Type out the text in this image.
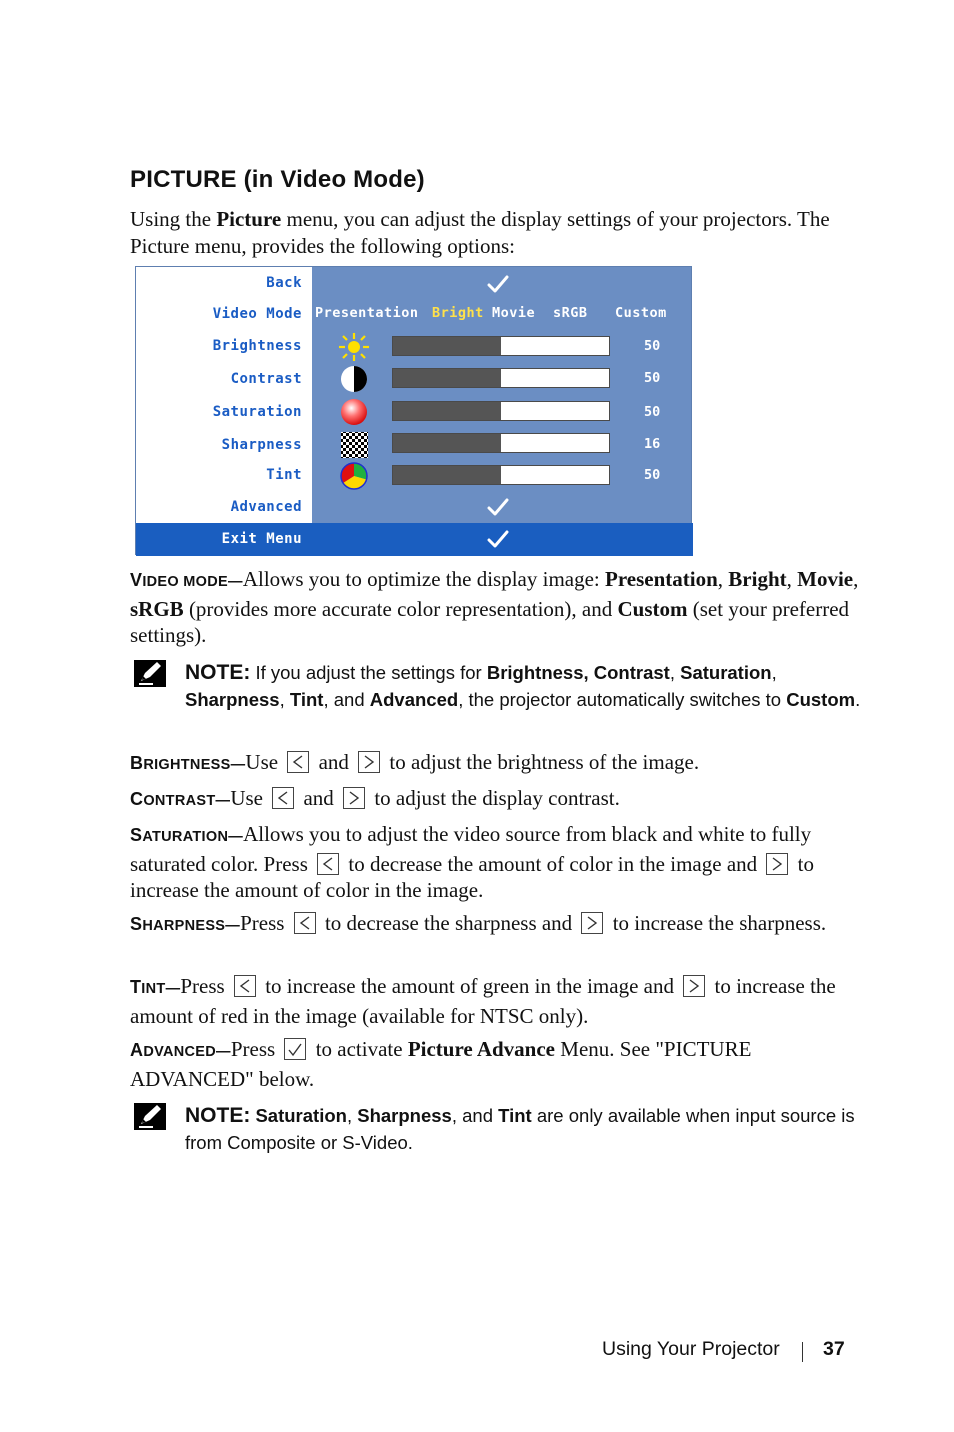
PICTURE (in Video Mode)
Using the Picture menu, you can adjust the display settings of your projectors. The Picture menu, provides the following options:
Back
Video Mode
Brightness
Contrast
Saturation
Sharpness
Tint
Advanced
Exit Menu
Presentation Bright Movie sRGB Custom
50
50
50
16
50
VIDEO MODE—Allows you to optimize the display image: Presentation, Bright, Movie, sRGB (provides more accurate color representation), and Custom (set your preferred settings).
NOTE: If you adjust the settings for Brightness, Contrast, Saturation, Sharpness, Tint, and Advanced, the projector automatically switches to Custom.
BRIGHTNESS—Use and to adjust the brightness of the image.
CONTRAST—Use and to adjust the display contrast.
SATURATION—Allows you to adjust the video source from black and white to fully saturated color. Press to decrease the amount of color in the image and to increase the amount of color in the image.
SHARPNESS—Press to decrease the sharpness and to increase the sharpness.
TINT—Press to increase the amount of green in the image and to increase the amount of red in the image (available for NTSC only).
ADVANCED—Press to activate Picture Advance Menu. See "PICTURE ADVANCED" below.
NOTE: Saturation, Sharpness, and Tint are only available when input source is from Composite or S-Video.
Using Your Projector 37
